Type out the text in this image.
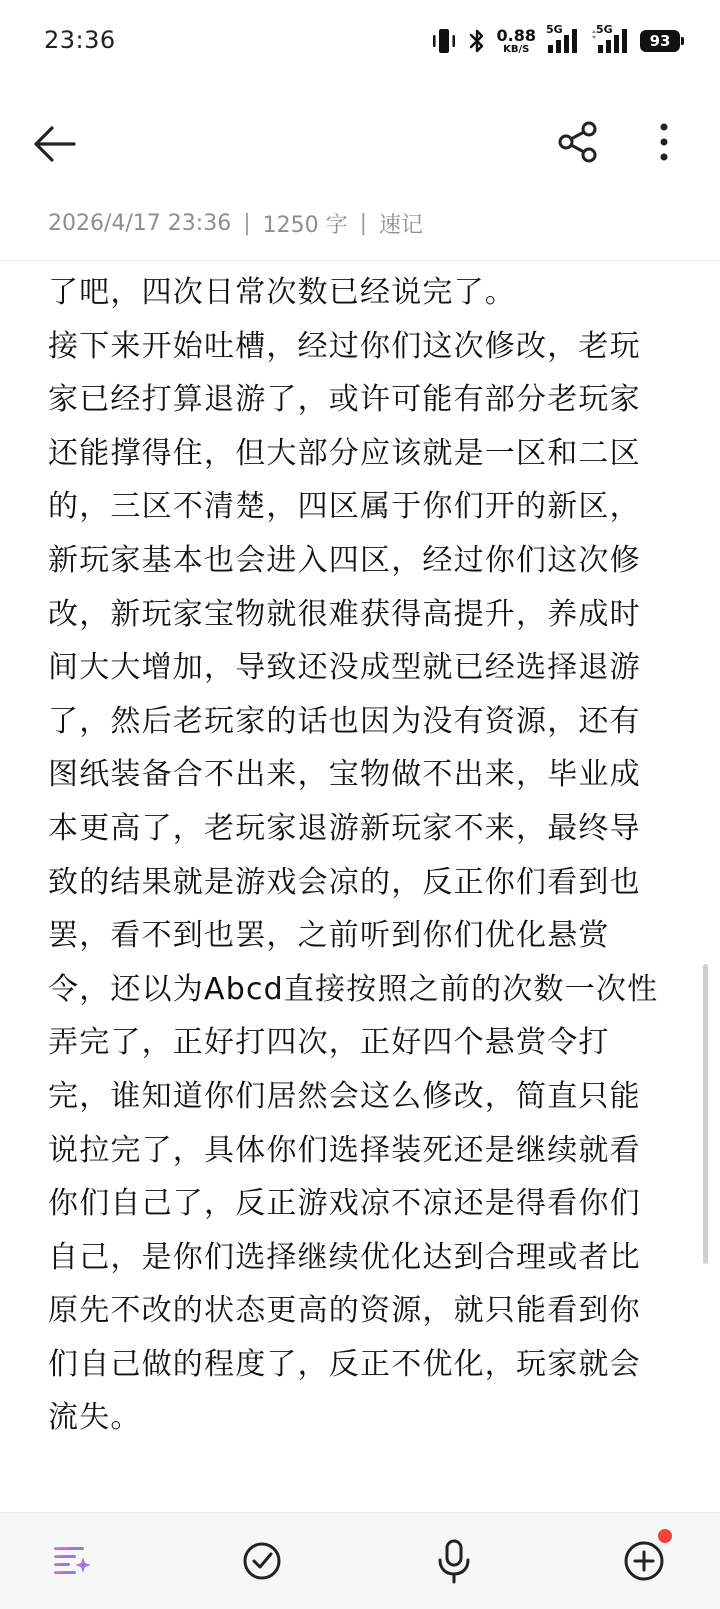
23:36	0.88
KB/S
5G	5G
93
2026/4/17 23:36 | 1250 字 | 速记
了吧，四次日常次数已经说完了。
接下来开始吐槽，经过你们这次修改，老玩
家已经打算退游了，或许可能有部分老玩家
还能撑得住，但大部分应该就是一区和二区
的，三区不清楚，四区属于你们开的新区，
新玩家基本也会进入四区，经过你们这次修
改，新玩家宝物就很难获得高提升，养成时
间大大增加，导致还没成型就已经选择退游
了，然后老玩家的话也因为没有资源，还有
图纸装备合不出来，宝物做不出来，毕业成
本更高了，老玩家退游新玩家不来，最终导
致的结果就是游戏会凉的，反正你们看到也
罢，看不到也罢，之前听到你们优化悬赏
令，还以为Abcd直接按照之前的次数一次性
弄完了，正好打四次，正好四个悬赏令打
完，谁知道你们居然会这么修改，简直只能
说拉完了，具体你们选择装死还是继续就看
你们自己了，反正游戏凉不凉还是得看你们
自己，是你们选择继续优化达到合理或者比
原先不改的状态更高的资源，就只能看到你
们自己做的程度了，反正不优化，玩家就会
流失。
